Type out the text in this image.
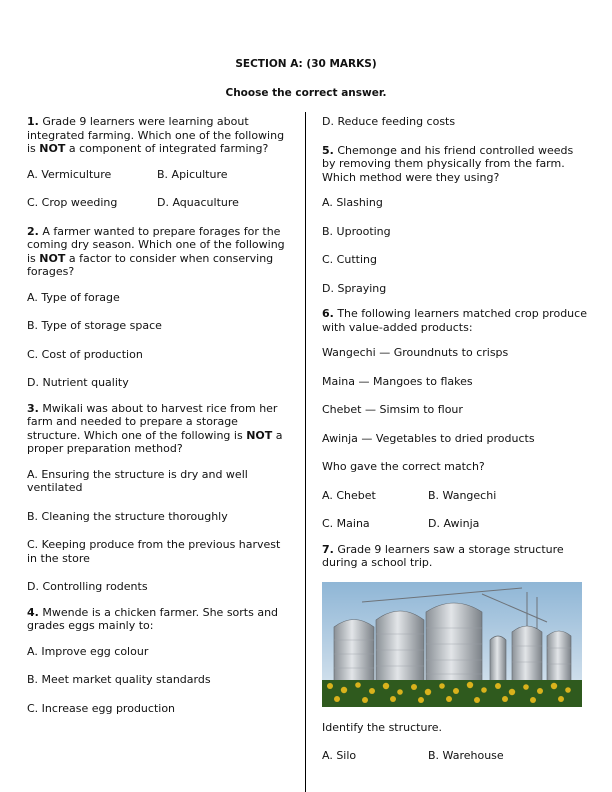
SECTION A: (30 MARKS)
Choose the correct answer.

1. Grade 9 learners were learning about integrated farming. Which one of the following is NOT a component of integrated farming?

A. Vermiculture	B. Apiculture

C. Crop weeding	D. Aquaculture

2. A farmer wanted to prepare forages for the coming dry season. Which one of the following is NOT a factor to consider when conserving forages?

A. Type of forage

B. Type of storage space

C. Cost of production

D. Nutrient quality

3. Mwikali was about to harvest rice from her farm and needed to prepare a storage structure. Which one of the following is NOT a proper preparation method?

A. Ensuring the structure is dry and well ventilated

B. Cleaning the structure thoroughly

C. Keeping produce from the previous harvest in the store

D. Controlling rodents

4. Mwende is a chicken farmer. She sorts and grades eggs mainly to:

A. Improve egg colour

B. Meet market quality standards

C. Increase egg production

D. Reduce feeding costs

5. Chemonge and his friend controlled weeds by removing them physically from the farm. Which method were they using?

A. Slashing

B. Uprooting

C. Cutting

D. Spraying

6. The following learners matched crop produce with value-added products:

Wangechi — Groundnuts to crisps

Maina — Mangoes to flakes

Chebet — Simsim to flour

Awinja — Vegetables to dried products

Who gave the correct match?

A. Chebet	B. Wangechi

C. Maina	D. Awinja

7. Grade 9 learners saw a storage structure during a school trip.

Identify the structure.

A. Silo	B. Warehouse
